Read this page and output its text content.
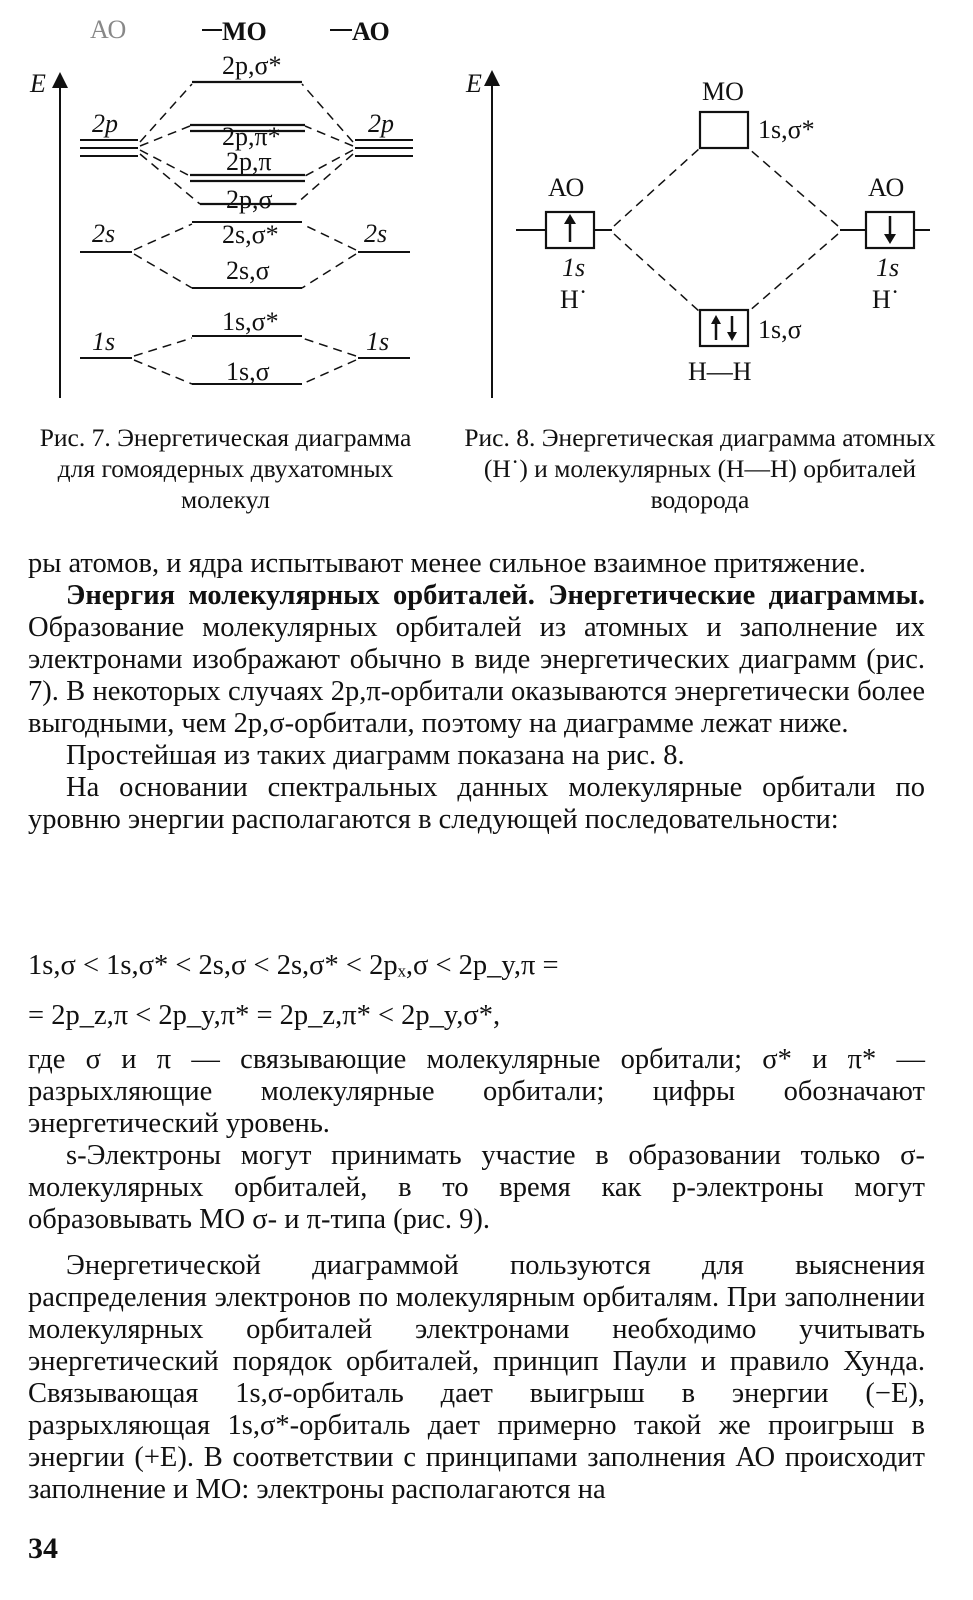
АО	МО	АО
E
2p	2p
2p,σ*
2p,π*
2p,π
2p,σ
2s	2s
2s,σ*
2s,σ
1s	1s
1s,σ*
1s,σ
E	МО
1s,σ*
АО	АО
1s
H˙
1s
H˙
1s,σ
H—H

Рис. 7. Энергетическая диаграмма для гомоядерных двухатомных молекул

Рис. 8. Энергетическая диаграмма атомных (H˙) и молекулярных (H—H) орбиталей водорода

ры атомов, и ядра испытывают менее сильное взаимное притяжение.

Энергия молекулярных орбиталей. Энергетические диаграммы. Образование молекулярных орбиталей из атомных и заполнение их электронами изображают обычно в виде энергетических диаграмм (рис. 7). В некоторых случаях 2p,π-орбитали оказываются энергетически более выгодными, чем 2p,σ-орбитали, поэтому на диаграмме лежат ниже.

Простейшая из таких диаграмм показана на рис. 8.

На основании спектральных данных молекулярные орбитали по уровню энергии располагаются в следующей последовательности:

1s,σ < 1s,σ* < 2s,σ < 2s,σ* < 2pₓ,σ < 2p_y,π =

= 2p_z,π < 2p_y,π* = 2p_z,π* < 2p_y,σ*,

где σ и π — связывающие молекулярные орбитали; σ* и π* — разрыхляющие молекулярные орбитали; цифры обозначают энергетический уровень.

s-Электроны могут принимать участие в образовании только σ-молекулярных орбиталей, в то время как p-электроны могут образовывать МО σ- и π-типа (рис. 9).

Энергетической диаграммой пользуются для выяснения распределения электронов по молекулярным орбиталям. При заполнении молекулярных орбиталей электронами необходимо учитывать энергетический порядок орбиталей, принцип Паули и правило Хунда. Связывающая 1s,σ-орбиталь дает выигрыш в энергии (−E), разрыхляющая 1s,σ*-орбиталь дает примерно такой же проигрыш в энергии (+E). В соответствии с принципами заполнения АО происходит заполнение и МО: электроны располагаются на

34
